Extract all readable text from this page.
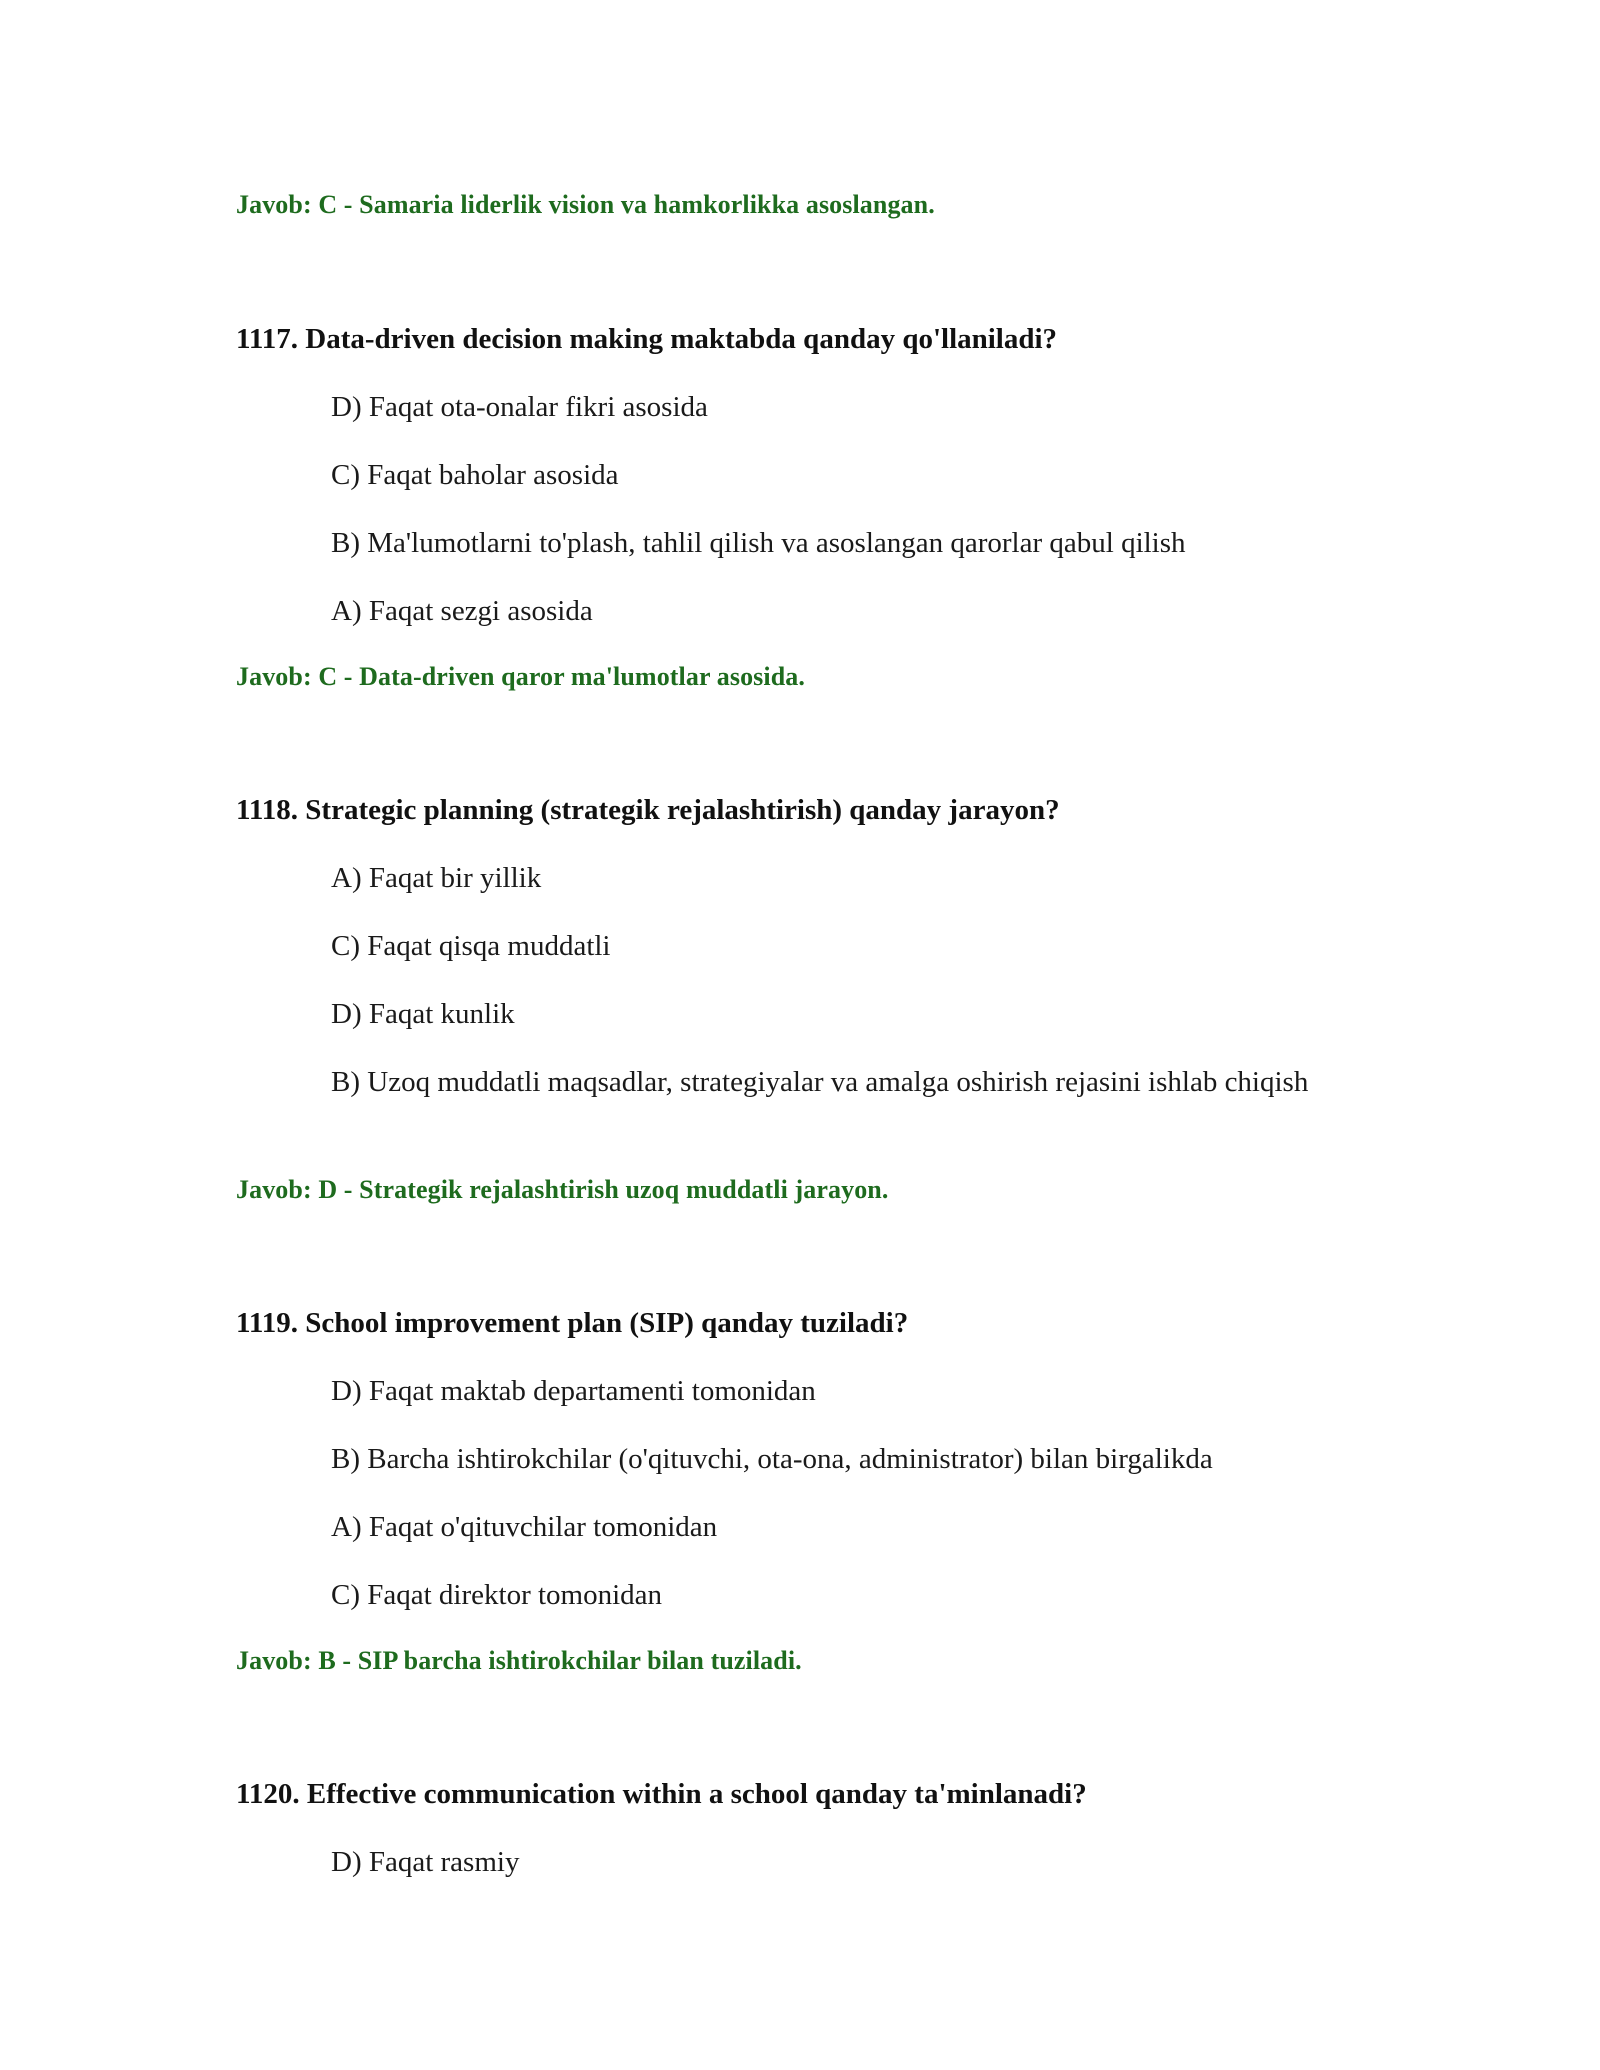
Javob: C - Samaria liderlik vision va hamkorlikka asoslangan.
1117. Data-driven decision making maktabda qanday qo'llaniladi?
D) Faqat ota-onalar fikri asosida
C) Faqat baholar asosida
B) Ma'lumotlarni to'plash, tahlil qilish va asoslangan qarorlar qabul qilish
A) Faqat sezgi asosida
Javob: C - Data-driven qaror ma'lumotlar asosida.
1118. Strategic planning (strategik rejalashtirish) qanday jarayon?
A) Faqat bir yillik
C) Faqat qisqa muddatli
D) Faqat kunlik
B) Uzoq muddatli maqsadlar, strategiyalar va amalga oshirish rejasini ishlab chiqish
Javob: D - Strategik rejalashtirish uzoq muddatli jarayon.
1119. School improvement plan (SIP) qanday tuziladi?
D) Faqat maktab departamenti tomonidan
B) Barcha ishtirokchilar (o'qituvchi, ota-ona, administrator) bilan birgalikda
A) Faqat o'qituvchilar tomonidan
C) Faqat direktor tomonidan
Javob: B - SIP barcha ishtirokchilar bilan tuziladi.
1120. Effective communication within a school qanday ta'minlanadi?
D) Faqat rasmiy
